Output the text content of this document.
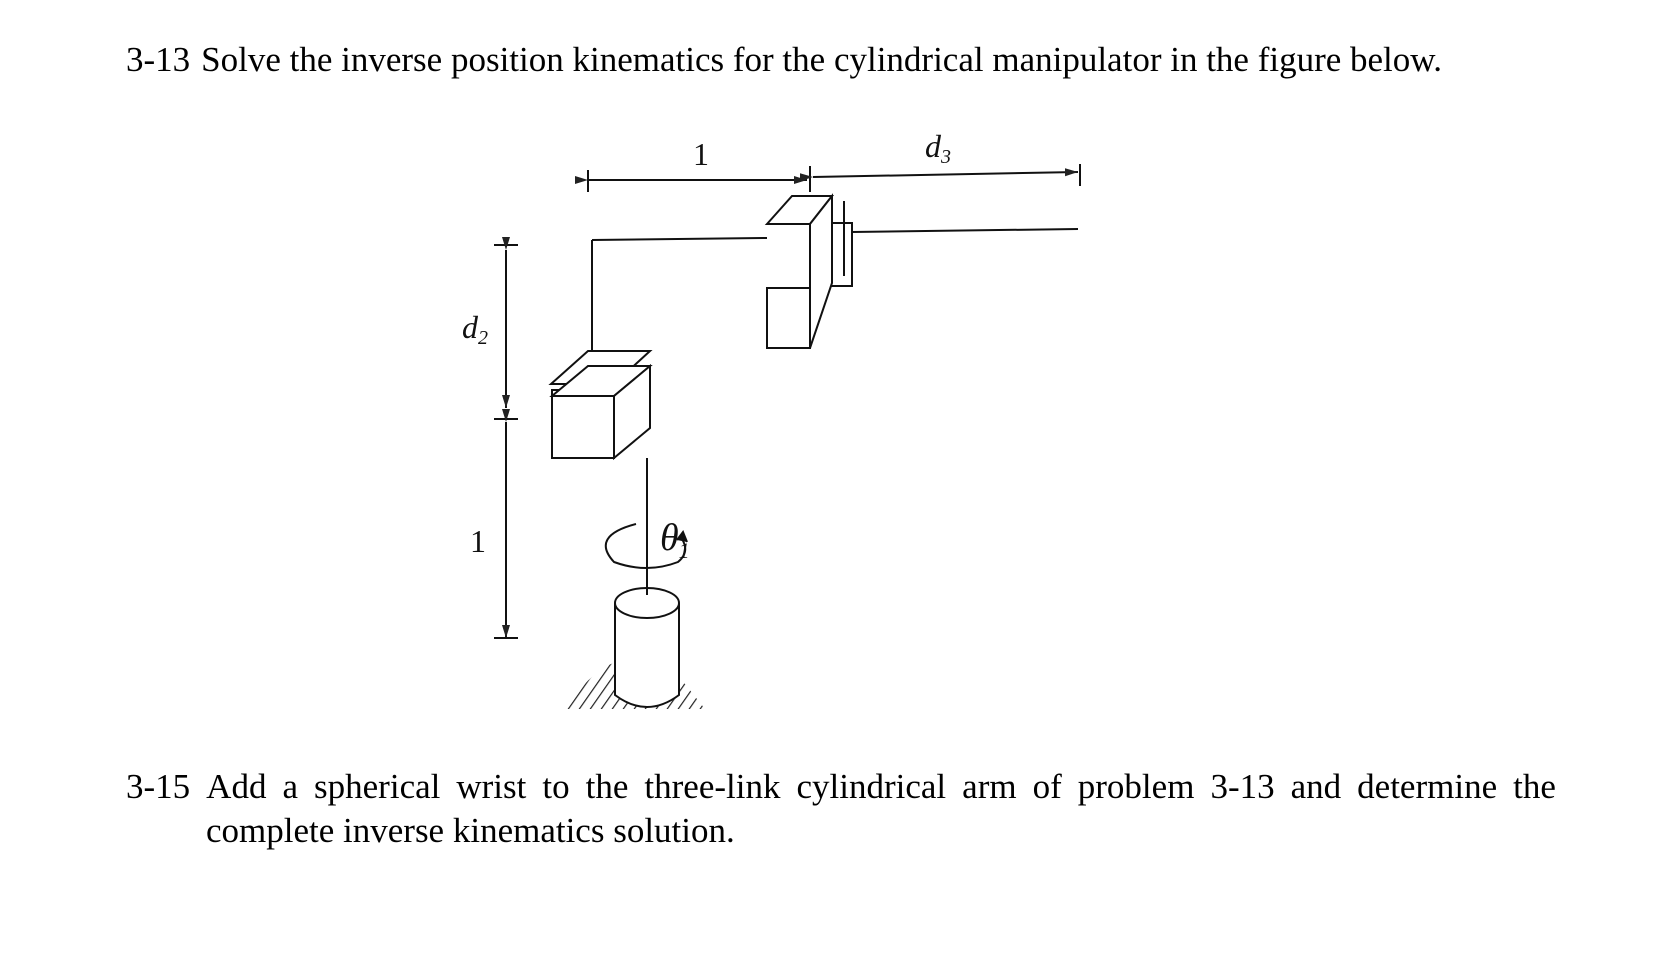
3-13 Solve the inverse position kinematics for the cylindrical manipulator in the figure below.

1	d3
d2
1	$\theta_1$
3-15 Add a spherical wrist to the three-link cylindrical arm of problem 3-13 and determine the
complete inverse kinematics solution.
